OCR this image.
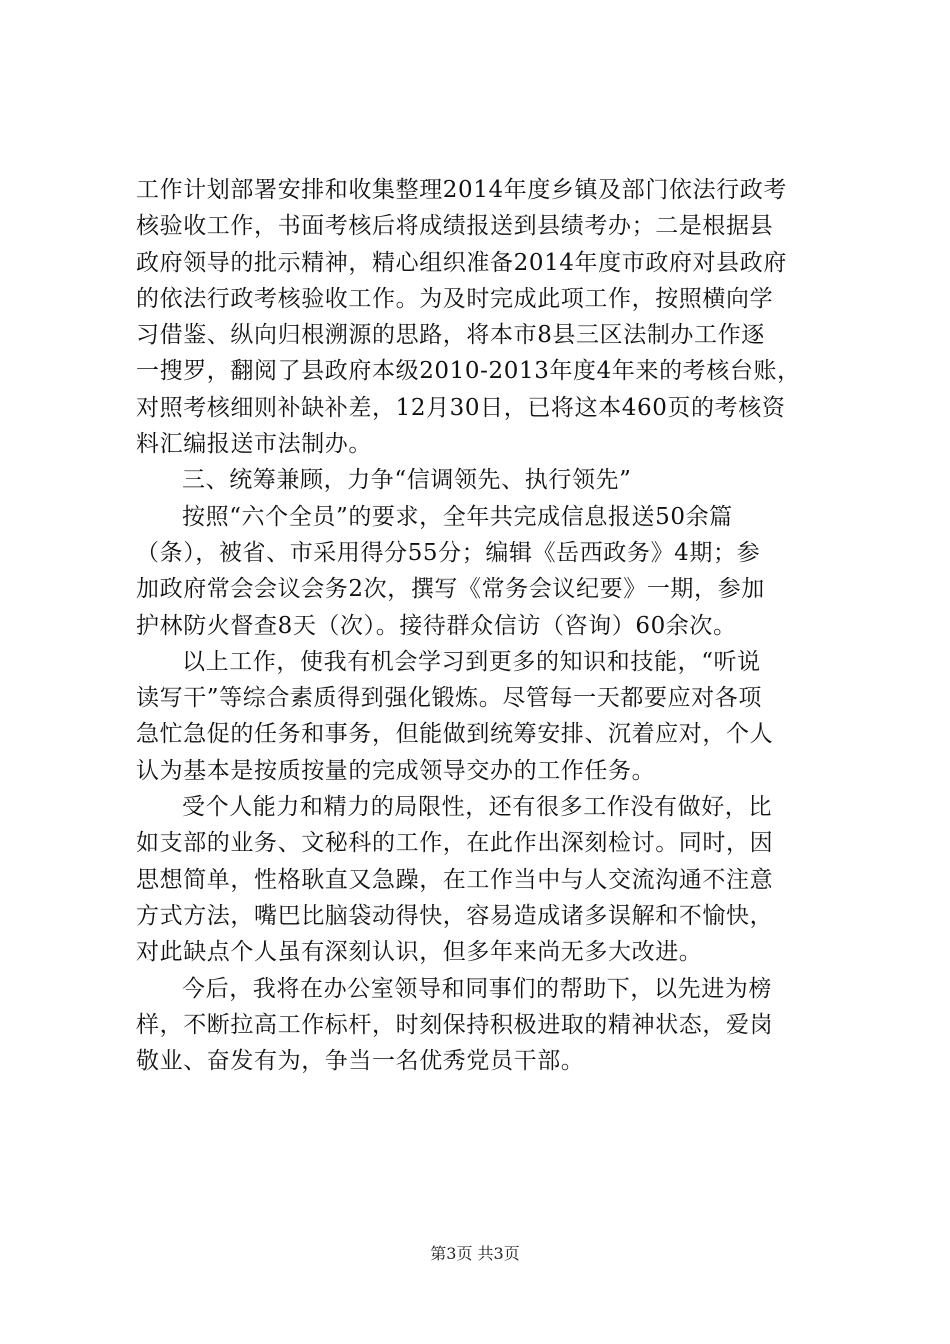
工作计划部署安排和收集整理2014年度乡镇及部门依法行政考
核验收工作，书面考核后将成绩报送到县绩考办；二是根据县
政府领导的批示精神，精心组织准备2014年度市政府对县政府
的依法行政考核验收工作。为及时完成此项工作，按照横向学
习借鉴、纵向归根溯源的思路，将本市8县三区法制办工作逐
一搜罗，翻阅了县政府本级2010-2013年度4年来的考核台账，
对照考核细则补缺补差，12月30日，已将这本460页的考核资
料汇编报送市法制办。
三、统筹兼顾，力争“信调领先、执行领先”
按照“六个全员”的要求，全年共完成信息报送50余篇
（条），被省、市采用得分55分；编辑《岳西政务》4期；参
加政府常会会议会务2次，撰写《常务会议纪要》一期，参加
护林防火督查8天（次）。接待群众信访（咨询）60余次。
以上工作，使我有机会学习到更多的知识和技能，“听说
读写干”等综合素质得到强化锻炼。尽管每一天都要应对各项
急忙急促的任务和事务，但能做到统筹安排、沉着应对，个人
认为基本是按质按量的完成领导交办的工作任务。
受个人能力和精力的局限性，还有很多工作没有做好，比
如支部的业务、文秘科的工作，在此作出深刻检讨。同时，因
思想简单，性格耿直又急躁，在工作当中与人交流沟通不注意
方式方法，嘴巴比脑袋动得快，容易造成诸多误解和不愉快，
对此缺点个人虽有深刻认识，但多年来尚无多大改进。
今后，我将在办公室领导和同事们的帮助下，以先进为榜
样，不断拉高工作标杆，时刻保持积极进取的精神状态，爱岗
敬业、奋发有为，争当一名优秀党员干部。
第3页 共3页
